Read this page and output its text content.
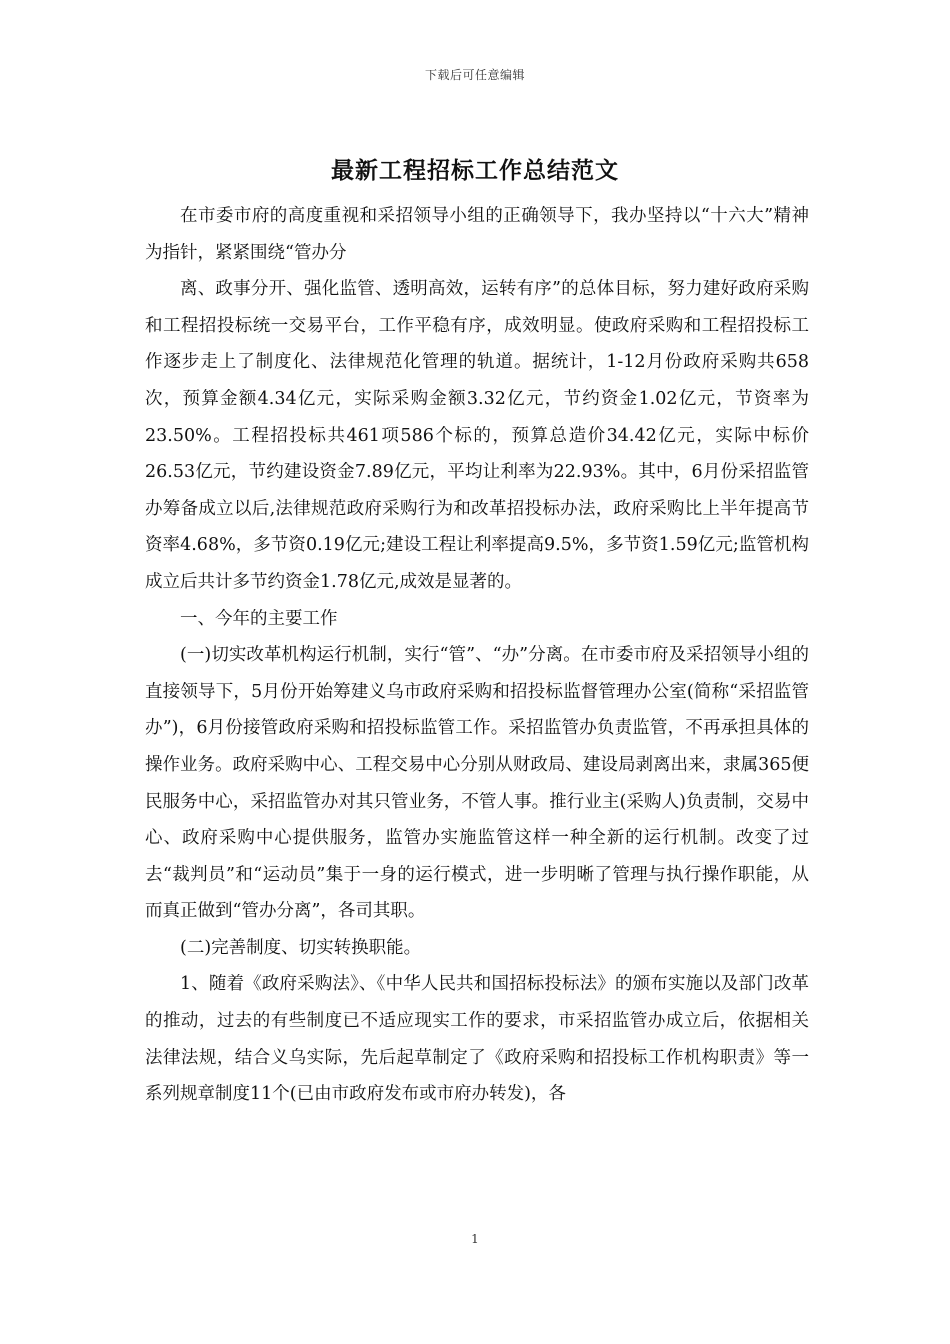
下载后可任意编辑
最新工程招标工作总结范文

在市委市府的高度重视和采招领导小组的正确领导下，我办坚持以“十六大”精神为指针，紧紧围绕“管办分

离、政事分开、强化监管、透明高效，运转有序”的总体目标，努力建好政府采购和工程招投标统一交易平台，工作平稳有序，成效明显。使政府采购和工程招投标工作逐步走上了制度化、法律规范化管理的轨道。据统计，1-12月份政府采购共658次，预算金额4.34亿元，实际采购金额3.32亿元，节约资金1.02亿元，节资率为23.50%。工程招投标共461项586个标的，预算总造价34.42亿元，实际中标价26.53亿元，节约建设资金7.89亿元，平均让利率为22.93%。其中，6月份采招监管办筹备成立以后,法律规范政府采购行为和改革招投标办法，政府采购比上半年提高节资率4.68%，多节资0.19亿元;建设工程让利率提高9.5%，多节资1.59亿元;监管机构成立后共计多节约资金1.78亿元,成效是显著的。

一、今年的主要工作

(一)切实改革机构运行机制，实行“管”、“办”分离。在市委市府及采招领导小组的直接领导下，5月份开始筹建义乌市政府采购和招投标监督管理办公室(简称“采招监管办”)，6月份接管政府采购和招投标监管工作。采招监管办负责监管，不再承担具体的操作业务。政府采购中心、工程交易中心分别从财政局、建设局剥离出来，隶属365便民服务中心，采招监管办对其只管业务，不管人事。推行业主(采购人)负责制，交易中心、政府采购中心提供服务，监管办实施监管这样一种全新的运行机制。改变了过去“裁判员”和“运动员”集于一身的运行模式，进一步明晰了管理与执行操作职能，从而真正做到“管办分离”，各司其职。

(二)完善制度、切实转换职能。

1、随着《政府采购法》、《中华人民共和国招标投标法》的颁布实施以及部门改革的推动，过去的有些制度已不适应现实工作的要求，市采招监管办成立后，依据相关法律法规，结合义乌实际，先后起草制定了《政府采购和招投标工作机构职责》等一系列规章制度11个(已由市政府发布或市府办转发)，各

1
